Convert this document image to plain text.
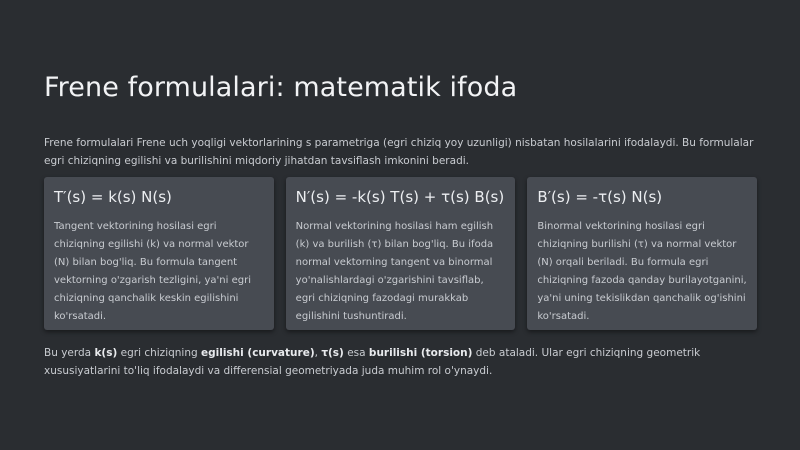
Frene formulalari: matematik ifoda

Frene formulalari Frene uch yoqligi vektorlarining s parametriga (egri chiziq yoy uzunligi) nisbatan hosilalarini ifodalaydi. Bu formulalar egri chiziqning egilishi va burilishini miqdoriy jihatdan tavsiflash imkonini beradi.

T′(s) = k(s) N(s)

Tangent vektorining hosilasi egri chiziqning egilishi (k) va normal vektor (N) bilan bog'liq. Bu formula tangent vektorning o'zgarish tezligini, ya'ni egri chiziqning qanchalik keskin egilishini ko'rsatadi.

N′(s) = -k(s) T(s) + τ(s) B(s)

Normal vektorining hosilasi ham egilish (k) va burilish (τ) bilan bog'liq. Bu ifoda normal vektorning tangent va binormal yo'nalishlardagi o'zgarishini tavsiflab, egri chiziqning fazodagi murakkab egilishini tushuntiradi.

B′(s) = -τ(s) N(s)

Binormal vektorining hosilasi egri chiziqning burilishi (τ) va normal vektor (N) orqali beriladi. Bu formula egri chiziqning fazoda qanday burilayotganini, ya'ni uning tekislikdan qanchalik og'ishini ko'rsatadi.

Bu yerda k(s) egri chiziqning egilishi (curvature), τ(s) esa burilishi (torsion) deb ataladi. Ular egri chiziqning geometrik xususiyatlarini to'liq ifodalaydi va differensial geometriyada juda muhim rol o'ynaydi.
